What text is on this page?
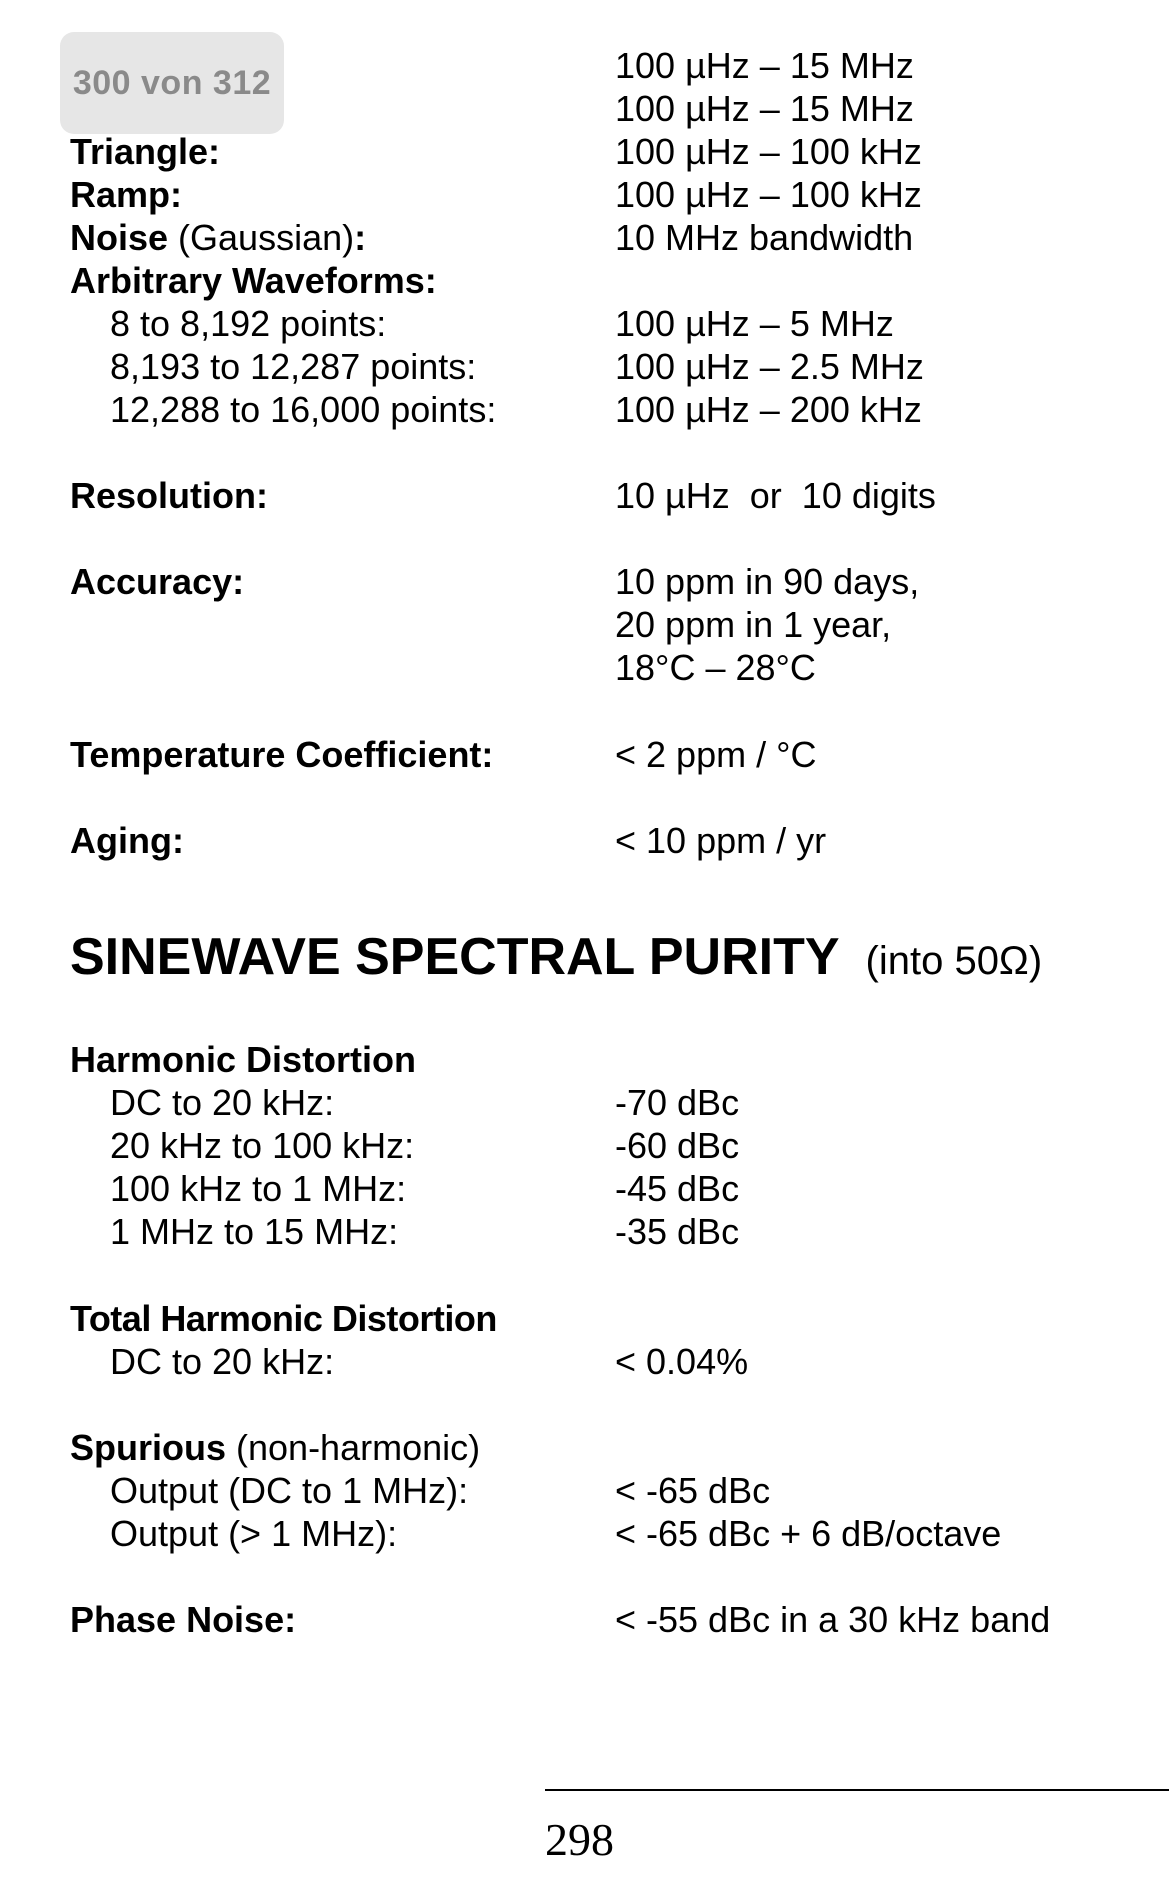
300 von 312	100 µHz – 15 MHz
100 µHz – 15 MHz
Triangle:	100 µHz – 100 kHz
Ramp:	100 µHz – 100 kHz
Noise (Gaussian):	10 MHz bandwidth
Arbitrary Waveforms:
8 to 8,192 points:	100 µHz – 5 MHz
8,193 to 12,287 points:	100 µHz – 2.5 MHz
12,288 to 16,000 points:	100 µHz – 200 kHz
Resolution:	10 µHz  or  10 digits
Accuracy:	10 ppm in 90 days,
20 ppm in 1 year,
18°C – 28°C
Temperature Coefficient:	< 2 ppm / °C
Aging:	< 10 ppm / yr
SINEWAVE SPECTRAL PURITY (into 50Ω)
Harmonic Distortion
DC to 20 kHz:	-70 dBc
20 kHz to 100 kHz:	-60 dBc
100 kHz to 1 MHz:	-45 dBc
1 MHz to 15 MHz:	-35 dBc
Total Harmonic Distortion
DC to 20 kHz:	< 0.04%
Spurious (non-harmonic)
Output (DC to 1 MHz):	< -65 dBc
Output (> 1 MHz):	< -65 dBc + 6 dB/octave
Phase Noise:	< -55 dBc in a 30 kHz band
298
